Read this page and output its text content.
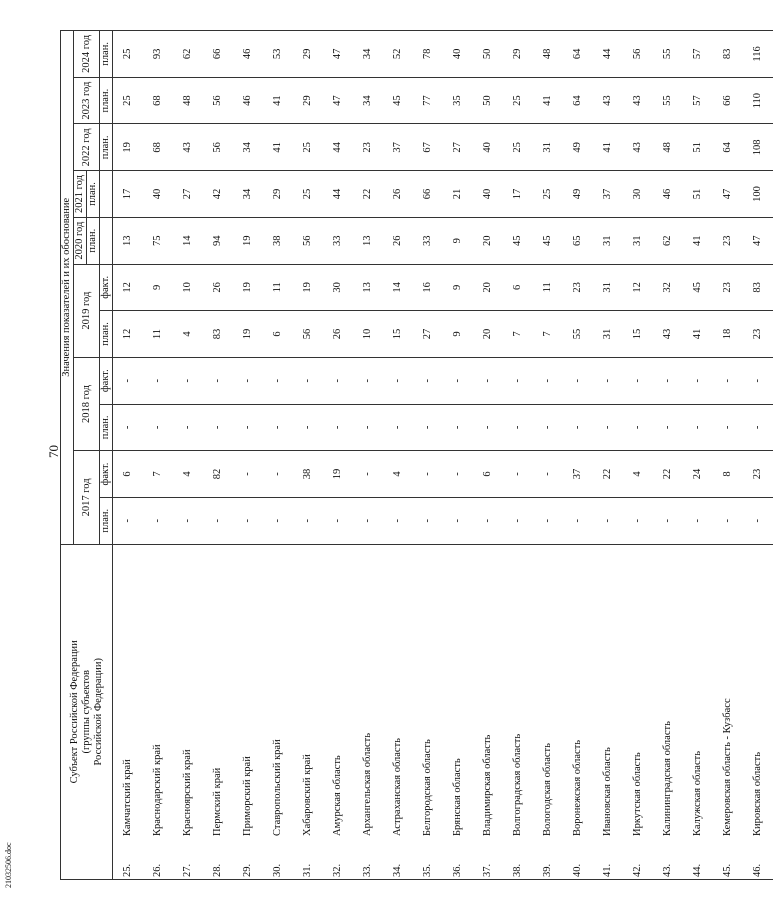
70
21032506.doc
Субъект Российской Федерации
(группы субъектов
Российской Федерации)		Значения показателей и их обоснование										
		2017 год		2018 год		2019 год		2020 год	2021 год	2022 год	2023 год	2024 год
								план.	план.			
		план.	факт.	план.	факт.	план.	факт.			план.	план.	план.
25.	Камчатский край	-	6	-	-	12	12	13	17	19	25	25
26.	Краснодарский край	-	7	-	-	11	9	75	40	68	68	93
27.	Красноярский край	-	4	-	-	4	10	14	27	43	48	62
28.	Пермский край	-	82	-	-	83	26	94	42	56	56	66
29.	Приморский край	-	-	-	-	19	19	19	34	34	46	46
30.	Ставропольский край	-	-	-	-	6	11	38	29	41	41	53
31.	Хабаровский край	-	38	-	-	56	19	56	25	25	29	29
32.	Амурская область	-	19	-	-	26	30	33	44	44	47	47
33.	Архангельская область	-	-	-	-	10	13	13	22	23	34	34
34.	Астраханская область	-	4	-	-	15	14	26	26	37	45	52
35.	Белгородская область	-	-	-	-	27	16	33	66	67	77	78
36.	Брянская область	-	-	-	-	9	9	9	21	27	35	40
37.	Владимирская область	-	6	-	-	20	20	20	40	40	50	50
38.	Волгоградская область	-	-	-	-	7	6	45	17	25	25	29
39.	Вологодская область	-	-	-	-	7	11	45	25	31	41	48
40.	Воронежская область	-	37	-	-	55	23	65	49	49	64	64
41.	Ивановская область	-	22	-	-	31	31	31	37	41	43	44
42.	Иркутская область	-	4	-	-	15	12	31	30	43	43	56
43.	Калининградская область	-	22	-	-	43	32	62	46	48	55	55
44.	Калужская область	-	24	-	-	41	45	41	51	51	57	57
45.	Кемеровская область - Кузбасс	-	8	-	-	18	23	23	47	64	66	83
46.	Кировская область	-	23	-	-	23	83	47	100	108	110	116
